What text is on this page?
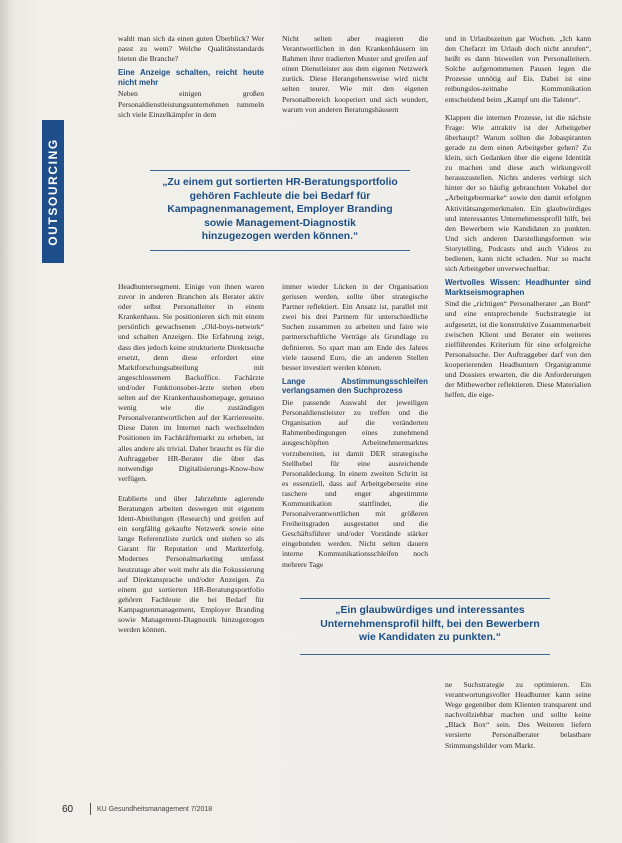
OUTSOURCING

wahlt man sich da einen guten Überblick? Wer passt zu wem? Welche Qualitätsstandards bieten die Branche?

Eine Anzeige schalten, reicht heute nicht mehr

Neben einigen großen Personaldienstleistungsunternehmen tummeln sich viele Einzelkämpfer in dem

Nicht selten aber reagieren die Verantwortlichen in den Krankenhäusern im Rahmen ihrer tradierten Muster und greifen auf einen Dienstleister aus dem eigenen Netzwerk zurück. Diese Herangehensweise wird nicht selten teurer. Wie mit den eigenen Personalbereich kooperiert und sich wundert, warum von anderen Beratungshäusern

„Zu einem gut sortierten HR-Beratungsportfolio
gehören Fachleute die bei Bedarf für
Kampagnenmanagement, Employer Branding
sowie Management-Diagnostik
hinzugezogen werden können.“

Headhuntersegment. Einige von ihnen waren zuvor in anderen Branchen als Berater aktiv oder selbst Personalleiter in einem Krankenhaus. Sie positionieren sich mit einem persönlich gewachsenen „Old-boys-network“ und schalten Anzeigen. Die Erfahrung zeigt, dass dies jedoch keine strukturierte Direktsuche ersetzt, denn diese erfordert eine Marktforschungsabteilung mit angeschlossenem Backoffice. Fachärzte und/oder Funktionsober-ärzte stehen eben selten auf der Krankenhaushomepage, genauso wenig wie die zuständigen Personalverantwortlichen auf der Karriereseite. Diese Daten im Internet nach wechselnden Positionen im Fachkräftemarkt zu erheben, ist alles andere als trivial. Daher braucht es für die Auftraggeber HR-Berater die über das notwendige Digitalisierungs-Know-how verfügen.

Etablierte und über Jahrzehnte agierende Beratungen arbeiten deswegen mit eigenem Ident-Abteilungen (Research) und greifen auf ein sorgfältig gekaufte Netzwerk sowie eine lange Referenzliste zurück und stehen so als Garant für Reputation und Markterfolg. Modernes Personalmarketing umfasst heutzutage aber weit mehr als die Fokussierung auf Direktansprache und/oder Anzeigen. Zu einem gut sortierten HR-Beratungsportfolio gehören Fachleute die bei Bedarf für Kampagnenmanagement, Employer Branding sowie Management-Diagnostik hinzugezogen werden können.

immer wieder Lücken in der Organisation gerissen werden, sollte über strategische Partner reflektiert. Ein Ansatz ist, parallel mit zwei bis drei Partnern für unterschiedliche Suchen zusammen zu arbeiten und faire wie partnerschaftliche Verträge als Grundlage zu definieren. So spart man am Ende des Jahres viele tausend Euro, die an anderen Stellen besser investiert werden können.

Lange Abstimmungsschleifen verlangsamen den Suchprozess

Die passende Auswahl der jeweiligen Personaldienstleister zu treffen und die Organisation auf die veränderten Rahmenbedingungen eines zunehmend ausgeschöpften Arbeitnehmermarktes vorzubereiten, ist damit DER strategische Stellhebel für eine ausreichende Personaldeckung. In einem zweiten Schritt ist es essenziell, dass auf Arbeitgeberseite eine raschere und enger abgestimmte Kommunikation stattfindet, die Personalverantwortlichen mit größeren Freiheitsgraden ausgestattet und die Geschäftsführer und/oder Vorstände stärker eingebunden werden. Nicht selten dauern interne Kommunikationsschleifen noch mehrere Tage

und in Urlaubszeiten gar Wochen. „Ich kann den Chefarzt im Urlaub doch nicht anrufen“, heißt es dann bisweilen von Personalleitern. Solche aufgenommenen Pausen legen die Prozesse unnötig auf Eis. Dabei ist eine reibungslos-zeitnahe Kommunikation entscheidend beim „Kampf um die Talente“.

Klappen die internen Prozesse, ist die nächste Frage: Wie attraktiv ist der Arbeitgeber überhaupt? Warum sollten die Jobaspiranten gerade zu dem einen Arbeitgeber gehen? Zu klein, sich Gedanken über die eigene Identität zu machen und diese auch wirkungsvoll herauszustellen. Nichts anderes verbirgt sich hinter der so häufig gebrauchten Vokabel der „Arbeitgebermarke“ sowie den damit erfolgten Aktivitätsangemerkmalen. Ein glaubwürdiges und interessantes Unternehmensprofil hilft, bei den Bewerbern wie Kandidaten zu punkten. Und sich anderen Darstellungsformen wie Storytelling, Podcasts und auch Videos zu bedienen, kann nicht schaden. Nur so macht sich Arbeitgeber unverwechselbar.

Wertvolles Wissen: Headhunter sind Marktseismographen

Sind die „richtigen“ Personalberater „an Bord“ und eine entsprechende Suchstrategie ist aufgesetzt, ist die konstruktive Zusammenarbeit zwischen Klient und Berater ein weiteres zielführendes Kriterium für eine erfolgreiche Personalsuche. Der Auftraggeber darf von den kooperierenden Headhuntern Organigramme und Dossiers erwarten, die die Anforderungen der Mitbewerber reflektieren. Diese Materialien helfen, die eige-

„Ein glaubwürdiges und interessantes
Unternehmensprofil hilft, bei den Bewerbern
wie Kandidaten zu punkten.“

ne Suchstrategie zu optimieren. Ein verantwortungsvoller Headhunter kann seine Wege gegenüber dem Klienten transparent und nachvollziehbar machen und sollte keine „Black Box“ sein. Des Weiteren liefern versierte Personalberater belastbare Stimmungsbilder vom Markt.

60	KU Gesundheitsmanagement 7/2018
